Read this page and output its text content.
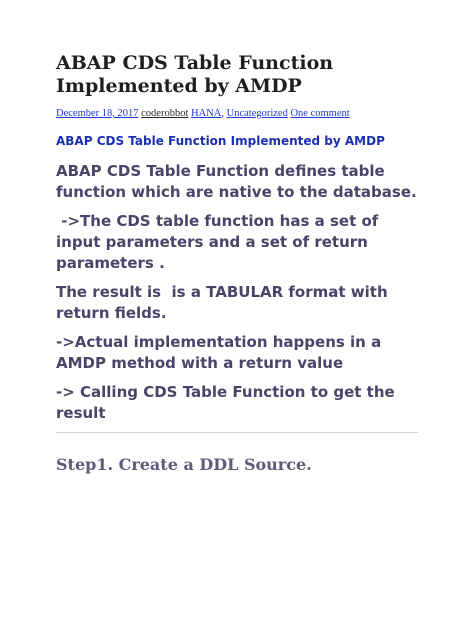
ABAP CDS Table Function Implemented by AMDP
December 18, 2017 coderobbot HANA, Uncategorized One comment
ABAP CDS Table Function Implemented by AMDP

ABAP CDS Table Function defines table function which are native to the database.

->The CDS table function has a set of    input parameters and a set of return  parameters .

The result is  is a TABULAR format with return fields.

->Actual implementation happens in a AMDP method with a return value

-> Calling CDS Table Function to get the result

Step1. Create a DDL Source.
